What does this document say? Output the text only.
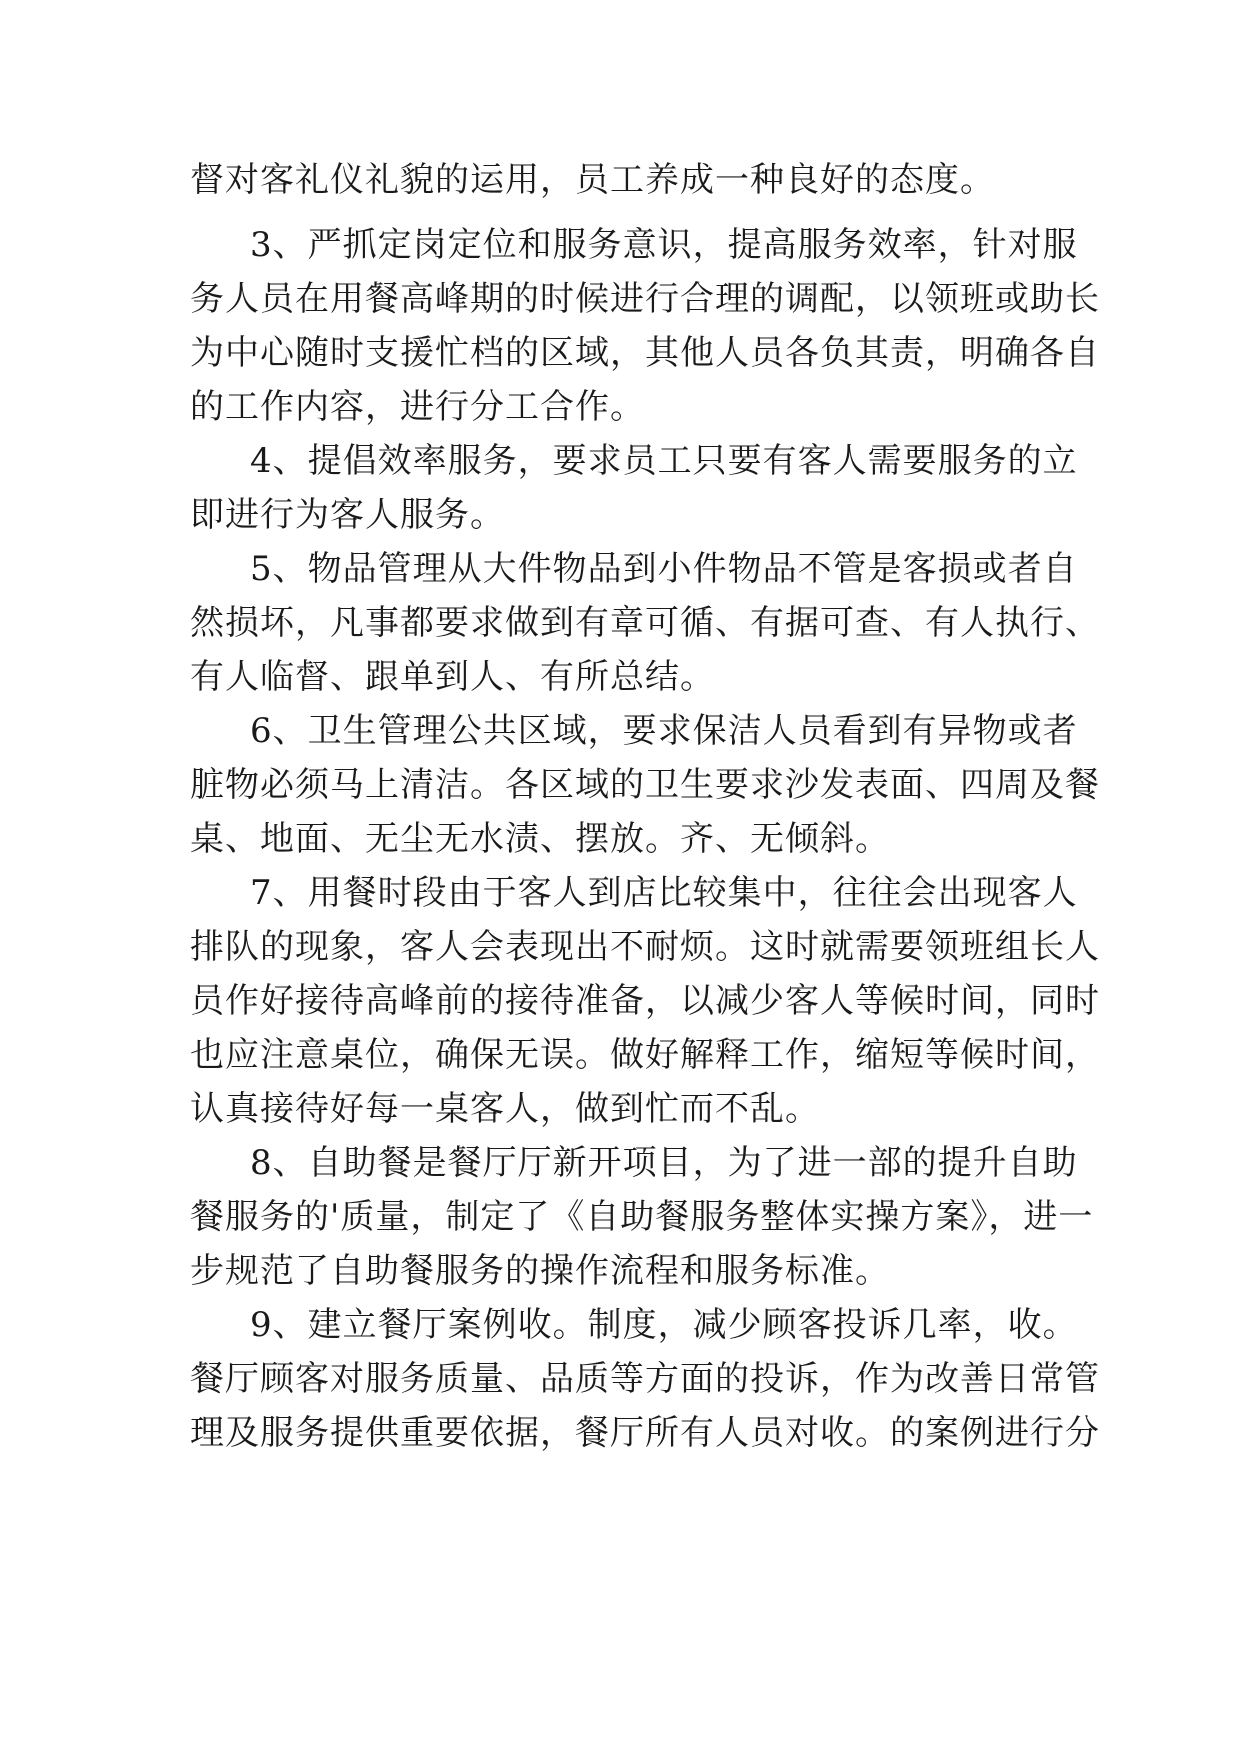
督对客礼仪礼貌的运用，员工养成一种良好的态度。

3、严抓定岗定位和服务意识，提高服务效率，针对服

务人员在用餐高峰期的时候进行合理的调配，以领班或助长

为中心随时支援忙档的区域，其他人员各负其责，明确各自

的工作内容，进行分工合作。

4、提倡效率服务，要求员工只要有客人需要服务的立

即进行为客人服务。

5、物品管理从大件物品到小件物品不管是客损或者自

然损坏，凡事都要求做到有章可循、有据可查、有人执行、

有人临督、跟单到人、有所总结。

6、卫生管理公共区域，要求保洁人员看到有异物或者

脏物必须马上清洁。各区域的卫生要求沙发表面、四周及餐

桌、地面、无尘无水渍、摆放。齐、无倾斜。

7、用餐时段由于客人到店比较集中，往往会出现客人

排队的现象，客人会表现出不耐烦。这时就需要领班组长人

员作好接待高峰前的接待准备，以减少客人等候时间，同时

也应注意桌位，确保无误。做好解释工作，缩短等候时间，

认真接待好每一桌客人，做到忙而不乱。

8、自助餐是餐厅厅新开项目，为了进一部的提升自助

餐服务的'质量，制定了《自助餐服务整体实操方案》，进一

步规范了自助餐服务的操作流程和服务标准。

9、建立餐厅案例收。制度，减少顾客投诉几率，收。

餐厅顾客对服务质量、品质等方面的投诉，作为改善日常管

理及服务提供重要依据，餐厅所有人员对收。的案例进行分
